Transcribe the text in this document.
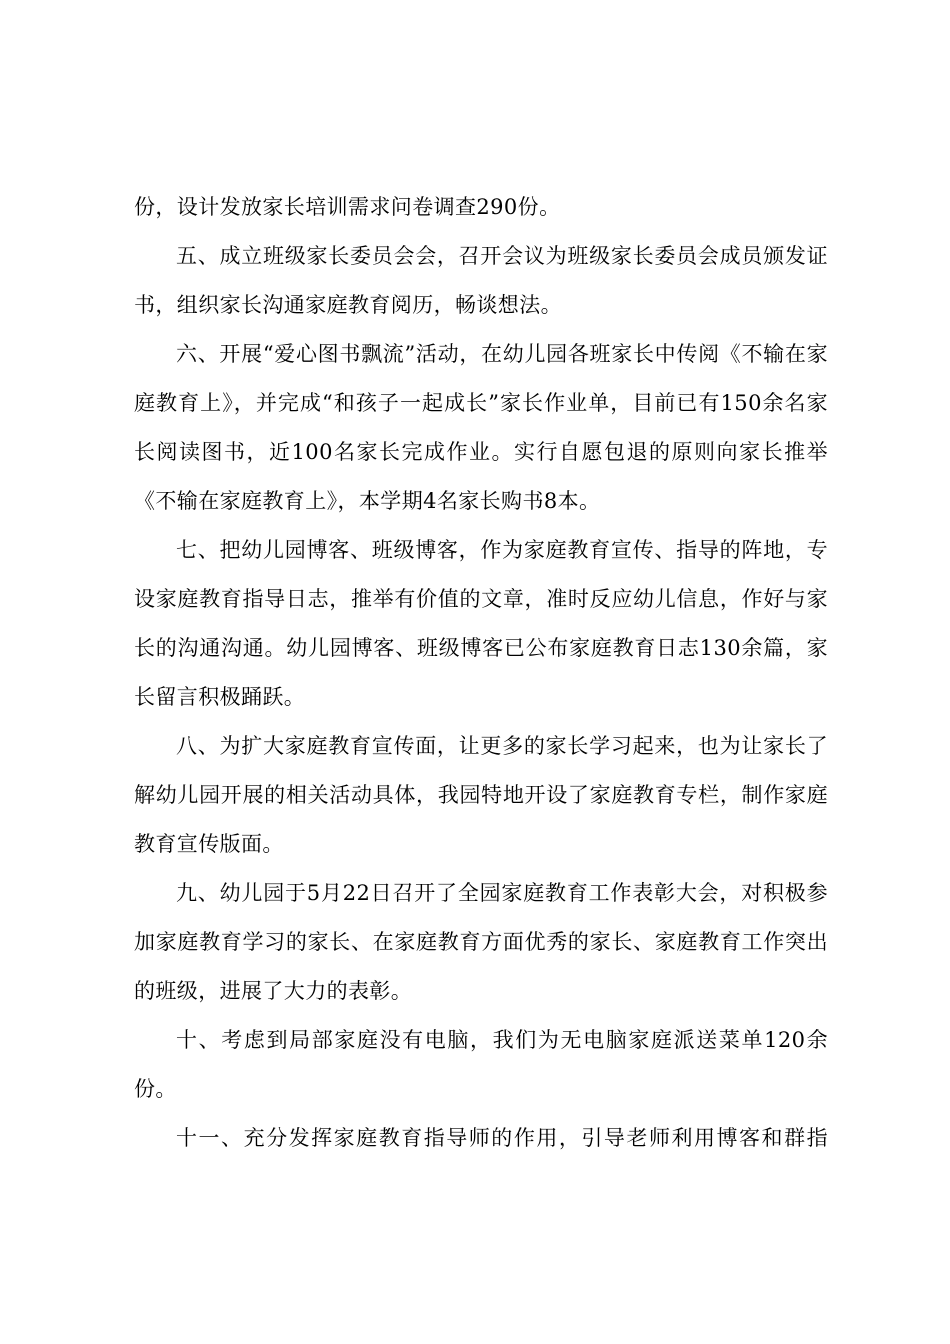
份，设计发放家长培训需求问卷调查290份。

五、成立班级家长委员会会，召开会议为班级家长委员会成员颁发证书，组织家长沟通家庭教育阅历，畅谈想法。

六、开展“爱心图书飘流”活动，在幼儿园各班家长中传阅《不输在家庭教育上》，并完成“和孩子一起成长”家长作业单，目前已有150余名家长阅读图书，近100名家长完成作业。实行自愿包退的原则向家长推举《不输在家庭教育上》，本学期4名家长购书8本。

七、把幼儿园博客、班级博客，作为家庭教育宣传、指导的阵地，专设家庭教育指导日志，推举有价值的文章，准时反应幼儿信息，作好与家长的沟通沟通。幼儿园博客、班级博客已公布家庭教育日志130余篇，家长留言积极踊跃。

八、为扩大家庭教育宣传面，让更多的家长学习起来，也为让家长了解幼儿园开展的相关活动具体，我园特地开设了家庭教育专栏，制作家庭教育宣传版面。

九、幼儿园于5月22日召开了全园家庭教育工作表彰大会，对积极参加家庭教育学习的家长、在家庭教育方面优秀的家长、家庭教育工作突出的班级，进展了大力的表彰。

十、考虑到局部家庭没有电脑，我们为无电脑家庭派送菜单120余份。

十一、充分发挥家庭教育指导师的作用，引导老师利用博客和群指
